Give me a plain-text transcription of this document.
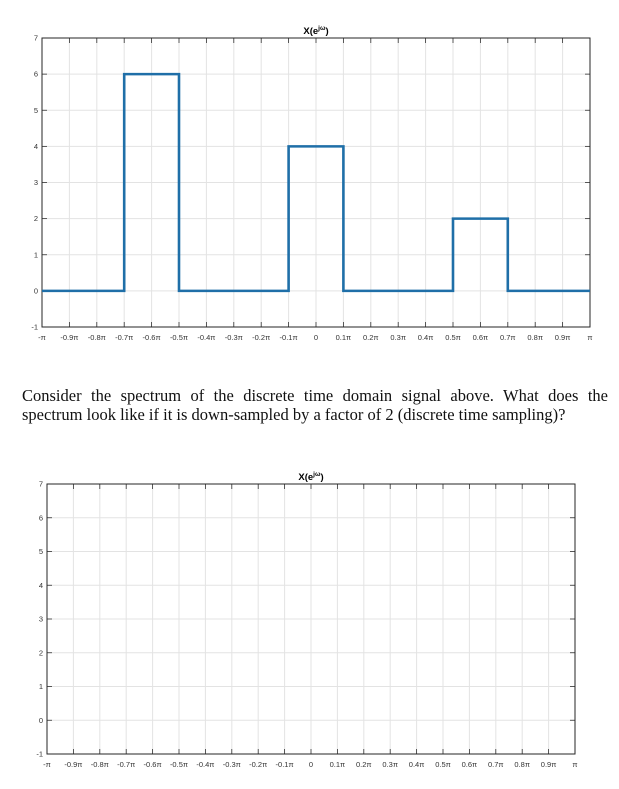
-π -0.9π -0.8π -0.7π -0.6π -0.5π -0.4π -0.3π -0.2π -0.1π 0 0.1π 0.2π 0.3π 0.4π 0.5π 0.6π 0.7π 0.8π 0.9π π
-1
0
1
2
3
4
5
6
7
$X(e^{j\omega})$
Consider the spectrum of the discrete time domain signal above. What does the spectrum look like if it is down-sampled by a factor of 2 (discrete time sampling)?
-π -0.9π -0.8π -0.7π -0.6π -0.5π -0.4π -0.3π -0.2π -0.1π 0 0.1π 0.2π 0.3π 0.4π 0.5π 0.6π 0.7π 0.8π 0.9π π
-1
0
1
2
3
4
5
6
7
$X(e^{j\omega})$
